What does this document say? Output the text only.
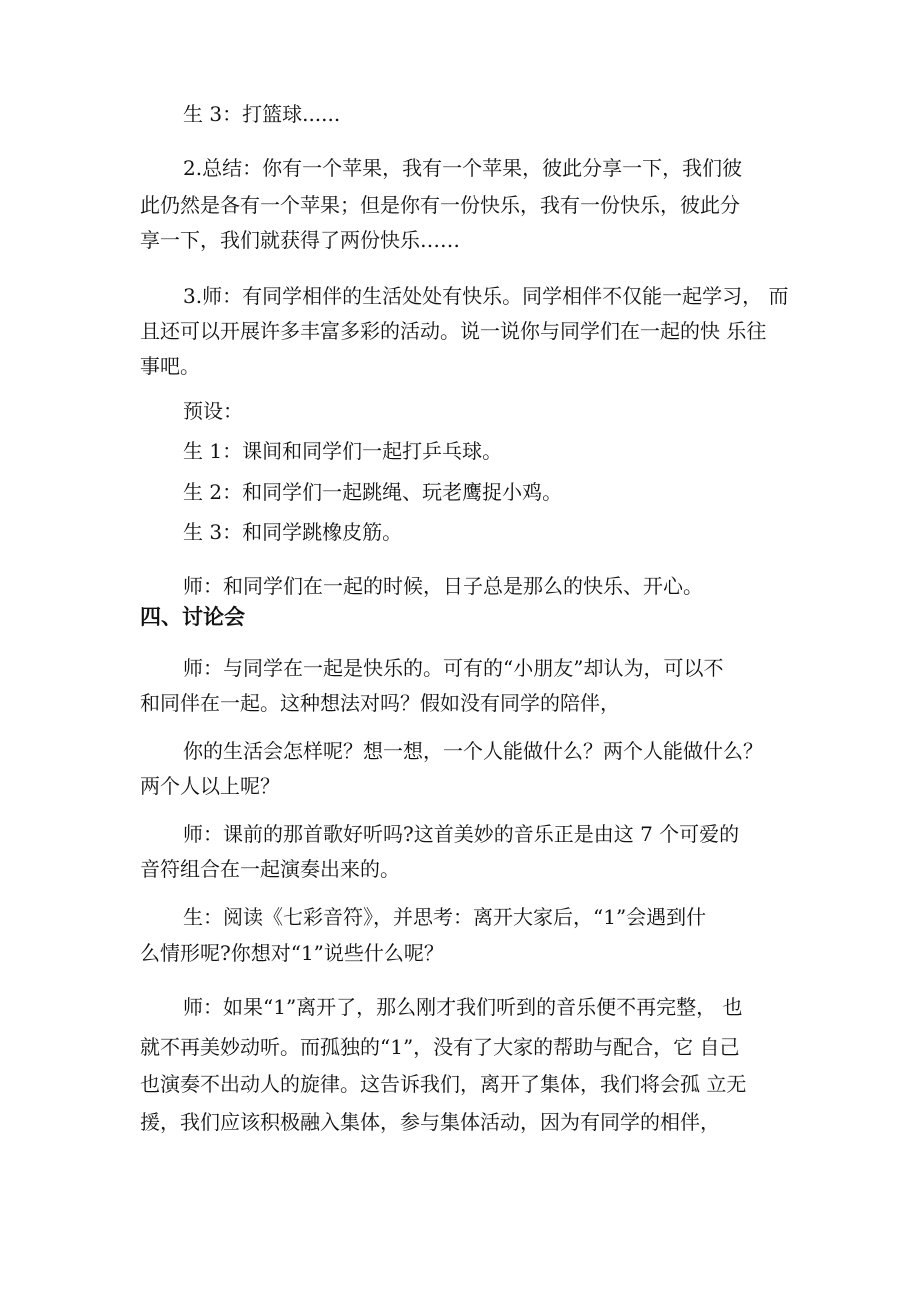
生 3：打篮球......
2.总结：你有一个苹果，我有一个苹果，彼此分享一下，我们彼
此仍然是各有一个苹果；但是你有一份快乐，我有一份快乐，彼此分
享一下，我们就获得了两份快乐……
3.师：有同学相伴的生活处处有快乐。同学相伴不仅能一起学习， 而
且还可以开展许多丰富多彩的活动。说一说你与同学们在一起的快 乐往
事吧。
预设：
生 1：课间和同学们一起打乒乓球。
生 2：和同学们一起跳绳、玩老鹰捉小鸡。
生 3：和同学跳橡皮筋。
师：和同学们在一起的时候，日子总是那么的快乐、开心。
四、讨论会
师：与同学在一起是快乐的。可有的“小朋友”却认为，可以不
和同伴在一起。这种想法对吗？假如没有同学的陪伴，
你的生活会怎样呢？想一想，一个人能做什么？两个人能做什么？
两个人以上呢？
师：课前的那首歌好听吗?这首美妙的音乐正是由这 7 个可爱的
音符组合在一起演奏出来的。
生：阅读《七彩音符》，并思考：离开大家后，“1”会遇到什
么情形呢?你想对“1”说些什么呢？
师：如果“1”离开了，那么刚才我们听到的音乐便不再完整， 也
就不再美妙动听。而孤独的“1”，没有了大家的帮助与配合，它 自己
也演奏不出动人的旋律。这告诉我们，离开了集体，我们将会孤 立无
援，我们应该积极融入集体，参与集体活动，因为有同学的相伴，
